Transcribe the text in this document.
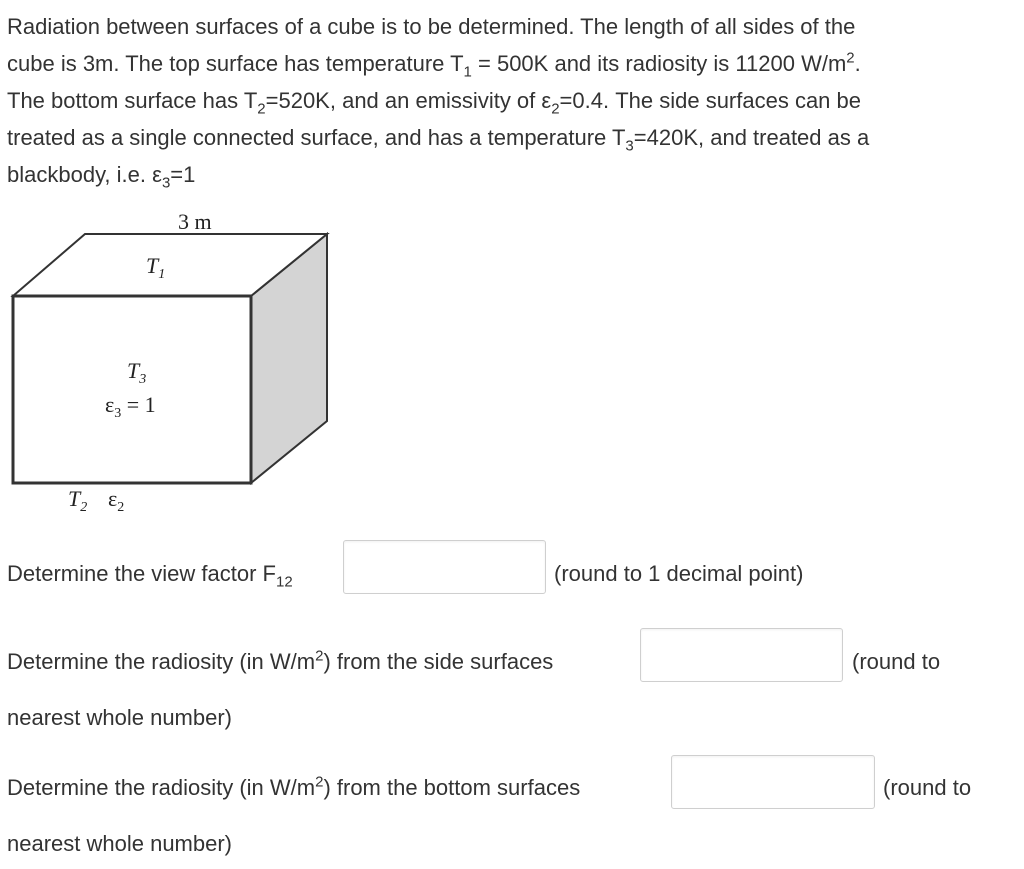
Radiation between surfaces of a cube is to be determined. The length of all sides of the
cube is 3m. The top surface has temperature $T_1 = 500K$ and its radiosity is 11200 $W/m^2$.
The bottom surface has $T_2=520K$, and an emissivity of $\varepsilon_2=0.4$. The side surfaces can be
treated as a single connected surface, and has a temperature $T_3=420K$, and treated as a
blackbody, i.e. $\varepsilon_3=1$
3 m
$T_1$
$T_3$
$\varepsilon_3 = 1$
$T_2$ $\varepsilon_2$
Determine the view factor $F_{12}$	(round to 1 decimal point)
Determine the radiosity (in $W/m^2$) from the side surfaces	(round to
nearest whole number)
Determine the radiosity (in $W/m^2$) from the bottom surfaces	(round to
nearest whole number)
